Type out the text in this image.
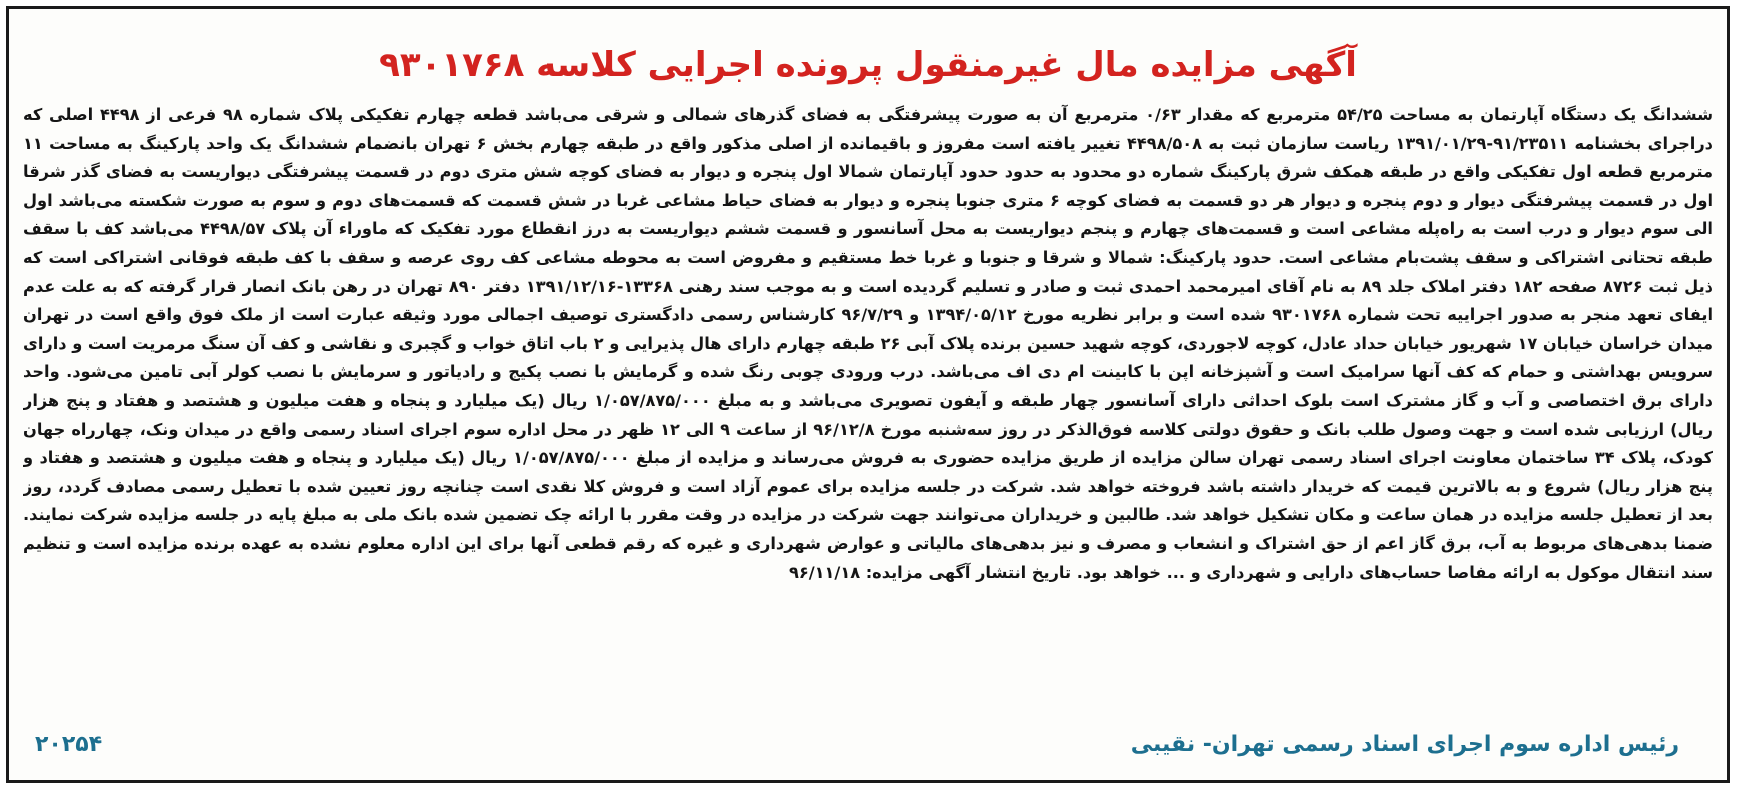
آگهی مزایده مال غیرمنقول پرونده اجرایی کلاسه ۹۳۰۱۷۶۸

ششدانگ یک دستگاه آپارتمان به مساحت ۵۴/۲۵ مترمربع که مقدار ۰/۶۳ مترمربع آن به صورت پیشرفتگی به فضای گذرهای شمالی و شرقی می‌باشد قطعه چهارم تفکیکی پلاک شماره ۹۸ فرعی از ۴۴۹۸ اصلی که دراجرای بخشنامه ۹۱/۲۳۵۱۱-۱۳۹۱/۰۱/۲۹ ریاست سازمان ثبت به ۴۴۹۸/۵۰۸ تغییر یافته است مفروز و باقیمانده از اصلی مذکور واقع در طبقه چهارم بخش ۶ تهران بانضمام ششدانگ یک واحد پارکینگ به مساحت ۱۱ مترمربع قطعه اول تفکیکی واقع در طبقه همکف شرق پارکینگ شماره دو محدود به حدود حدود آپارتمان شمالا اول پنجره و دیوار به فضای کوچه شش متری دوم در قسمت پیشرفتگی دیواریست به فضای گذر شرقا اول در قسمت پیشرفتگی دیوار و دوم پنجره و دیوار هر دو قسمت به فضای کوچه ۶ متری جنوبا پنجره و دیوار به فضای حیاط مشاعی غربا در شش قسمت که قسمت‌های دوم و سوم به صورت شکسته می‌باشد اول الی سوم دیوار و درب است به راه‌پله مشاعی است و قسمت‌های چهارم و پنجم دیواریست به محل آسانسور و قسمت ششم دیواریست به درز انقطاع مورد تفکیک که ماوراء آن پلاک ۴۴۹۸/۵۷ می‌باشد کف با سقف طبقه تحتانی اشتراکی و سقف پشت‌بام مشاعی است. حدود پارکینگ: شمالا و شرقا و جنوبا و غربا خط مستقیم و مفروض است به محوطه مشاعی کف روی عرصه و سقف با کف طبقه فوقانی اشتراکی است که ذیل ثبت ۸۷۲۶ صفحه ۱۸۲ دفتر املاک جلد ۸۹ به نام آقای امیرمحمد احمدی ثبت و صادر و تسلیم گردیده است و به موجب سند رهنی ۱۳۳۶۸-۱۳۹۱/۱۲/۱۶ دفتر ۸۹۰ تهران در رهن بانک انصار قرار گرفته که به علت عدم ایفای تعهد منجر به صدور اجراییه تحت شماره ۹۳۰۱۷۶۸ شده است و برابر نظریه مورخ ۱۳۹۴/۰۵/۱۲ و ۹۶/۷/۲۹ کارشناس رسمی دادگستری توصیف اجمالی مورد وثیقه عبارت است از ملک فوق واقع است در تهران میدان خراسان خیابان ۱۷ شهریور خیابان حداد عادل، کوچه لاجوردی، کوچه شهید حسین برنده پلاک آبی ۲۶ طبقه چهارم دارای هال پذیرایی و ۲ باب اتاق خواب و گچبری و نقاشی و کف آن سنگ مرمریت است و دارای سرویس بهداشتی و حمام که کف آنها سرامیک است و آشپزخانه اپن با کابینت ام دی اف می‌باشد. درب ورودی چوبی رنگ شده و گرمایش با نصب پکیج و رادیاتور و سرمایش با نصب کولر آبی تامین می‌شود. واحد دارای برق اختصاصی و آب و گاز مشترک است بلوک احداثی دارای آسانسور چهار طبقه و آیفون تصویری می‌باشد و به مبلغ ۱/۰۵۷/۸۷۵/۰۰۰ ریال (یک میلیارد و پنجاه و هفت میلیون و هشتصد و هفتاد و پنج هزار ریال) ارزیابی شده است و جهت وصول طلب بانک و حقوق دولتی کلاسه فوق‌الذکر در روز سه‌شنبه مورخ ۹۶/۱۲/۸ از ساعت ۹ الی ۱۲ ظهر در محل اداره سوم اجرای اسناد رسمی واقع در میدان ونک، چهارراه جهان کودک، پلاک ۳۴ ساختمان معاونت اجرای اسناد رسمی تهران سالن مزایده از طریق مزایده حضوری به فروش می‌رساند و مزایده از مبلغ ۱/۰۵۷/۸۷۵/۰۰۰ ریال (یک میلیارد و پنجاه و هفت میلیون و هشتصد و هفتاد و پنج هزار ریال) شروع و به بالاترین قیمت که خریدار داشته باشد فروخته خواهد شد. شرکت در جلسه مزایده برای عموم آزاد است و فروش کلا نقدی است چنانچه روز تعیین شده با تعطیل رسمی مصادف گردد، روز بعد از تعطیل جلسه مزایده در همان ساعت و مکان تشکیل خواهد شد. طالبین و خریداران می‌توانند جهت شرکت در مزایده در وقت مقرر با ارائه چک تضمین شده بانک ملی به مبلغ پایه در جلسه مزایده شرکت نمایند. ضمنا بدهی‌های مربوط به آب، برق گاز اعم از حق اشتراک و انشعاب و مصرف و نیز بدهی‌های مالیاتی و عوارض شهرداری و غیره که رقم قطعی آنها برای این اداره معلوم نشده به عهده برنده مزایده است و تنظیم سند انتقال موکول به ارائه مفاصا حساب‌های دارایی و شهرداری و ... خواهد بود. تاریخ انتشار آگهی مزایده: ۹۶/۱۱/۱۸

رئیس اداره سوم اجرای اسناد رسمی تهران- نقیبی
۲۰۲۵۴
